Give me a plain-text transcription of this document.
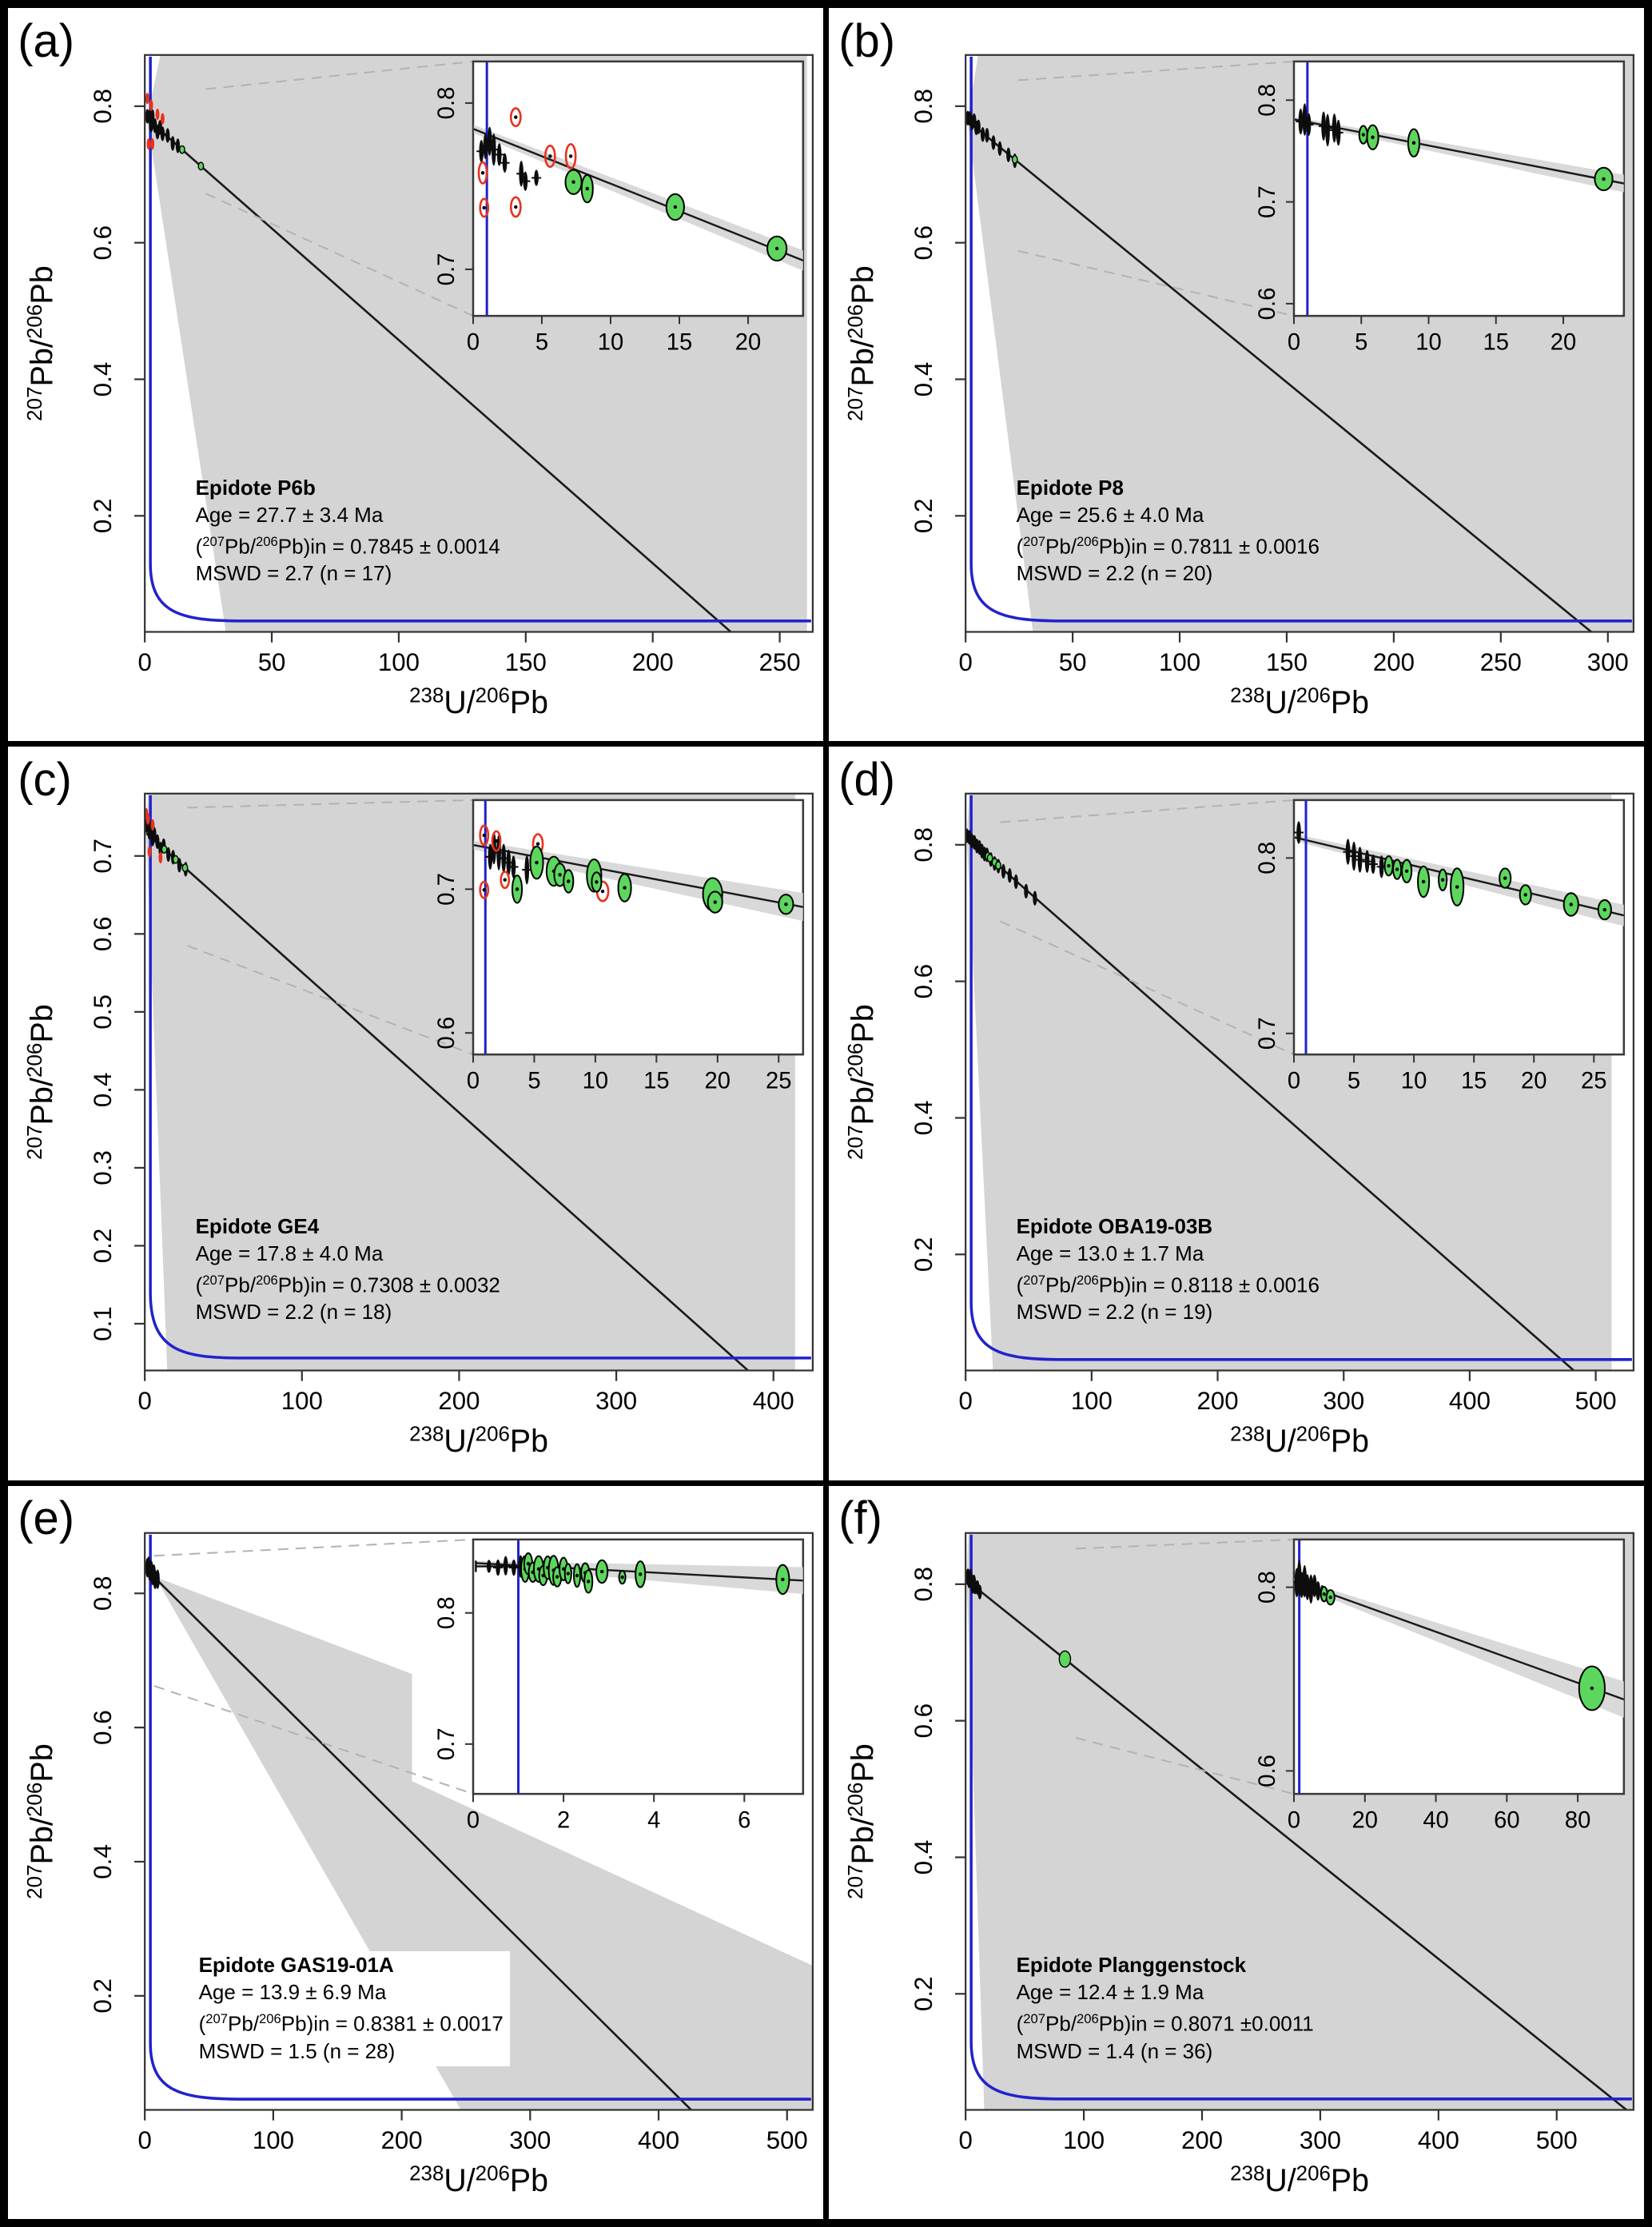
0 5 10 15 20
0.7
0.8
0	50	100	150	200	250
0.2
0.4
0.6
0.8
$^{238}$U/$^{206}$Pb
$^{207}$Pb/$^{206}$Pb
(a)
Epidote P6b
Age = 27.7 ± 3.4 Ma
($^{207}$Pb/$^{206}$Pb)in = 0.7845 ± 0.0014
MSWD = 2.7 (n = 17)
0 5 10 15 20
0.6
0.7
0.8
0	50	100	150	200	250	300
0.2
0.4
0.6
0.8
$^{238}$U/$^{206}$Pb
$^{207}$Pb/$^{206}$Pb
(b)
Epidote P8
Age = 25.6 ± 4.0 Ma
($^{207}$Pb/$^{206}$Pb)in = 0.7811 ± 0.0016
MSWD = 2.2 (n = 20)
0 5 10 15 20 25
0.6
0.7
0	100	200	300	400
0.1
0.2
0.3
0.4
0.5
0.6
0.7
$^{238}$U/$^{206}$Pb
$^{207}$Pb/$^{206}$Pb
(c)
Epidote GE4
Age = 17.8 ± 4.0 Ma
($^{207}$Pb/$^{206}$Pb)in = 0.7308 ± 0.0032
MSWD = 2.2 (n = 18)
0 5 10 15 20 25
0.7
0.8
0	100	200	300	400	500
0.2
0.4
0.6
0.8
$^{238}$U/$^{206}$Pb
$^{207}$Pb/$^{206}$Pb
(d)
Epidote OBA19-03B
Age = 13.0 ± 1.7 Ma
($^{207}$Pb/$^{206}$Pb)in = 0.8118 ± 0.0016
MSWD = 2.2 (n = 19)
0	2	4	6
0.7
0.8
0	100	200	300	400	500
0.2
0.4
0.6
0.8
$^{238}$U/$^{206}$Pb
$^{207}$Pb/$^{206}$Pb
(e)
Epidote GAS19-01A
Age = 13.9 ± 6.9 Ma
($^{207}$Pb/$^{206}$Pb)in = 0.8381 ± 0.0017
MSWD = 1.5 (n = 28)
0 20 40 60 80
0.6
0.8
0	100	200	300	400	500
0.2
0.4
0.6
0.8
$^{238}$U/$^{206}$Pb
$^{207}$Pb/$^{206}$Pb
(f)
Epidote Planggenstock
Age = 12.4 ± 1.9 Ma
($^{207}$Pb/$^{206}$Pb)in = 0.8071 ±0.0011
MSWD = 1.4 (n = 36)
